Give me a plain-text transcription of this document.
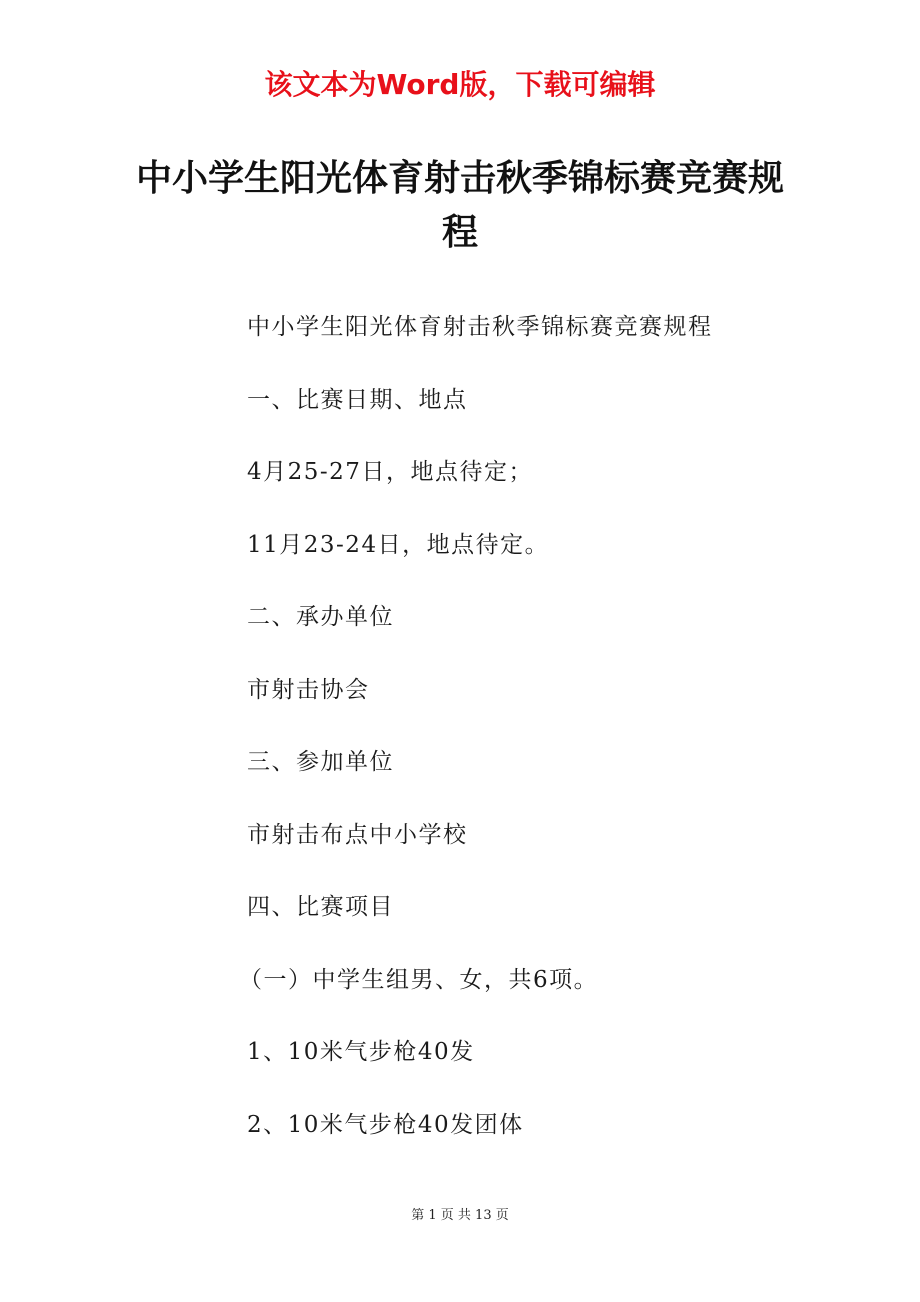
该文本为Word版，下载可编辑
中小学生阳光体育射击秋季锦标赛竞赛规程
中小学生阳光体育射击秋季锦标赛竞赛规程
一、比赛日期、地点
4月25-27日，地点待定；
11月23-24日，地点待定。
二、承办单位
市射击协会
三、参加单位
市射击布点中小学校
四、比赛项目
（一）中学生组男、女，共6项。
1、10米气步枪40发
2、10米气步枪40发团体
第 1 页 共 13 页
